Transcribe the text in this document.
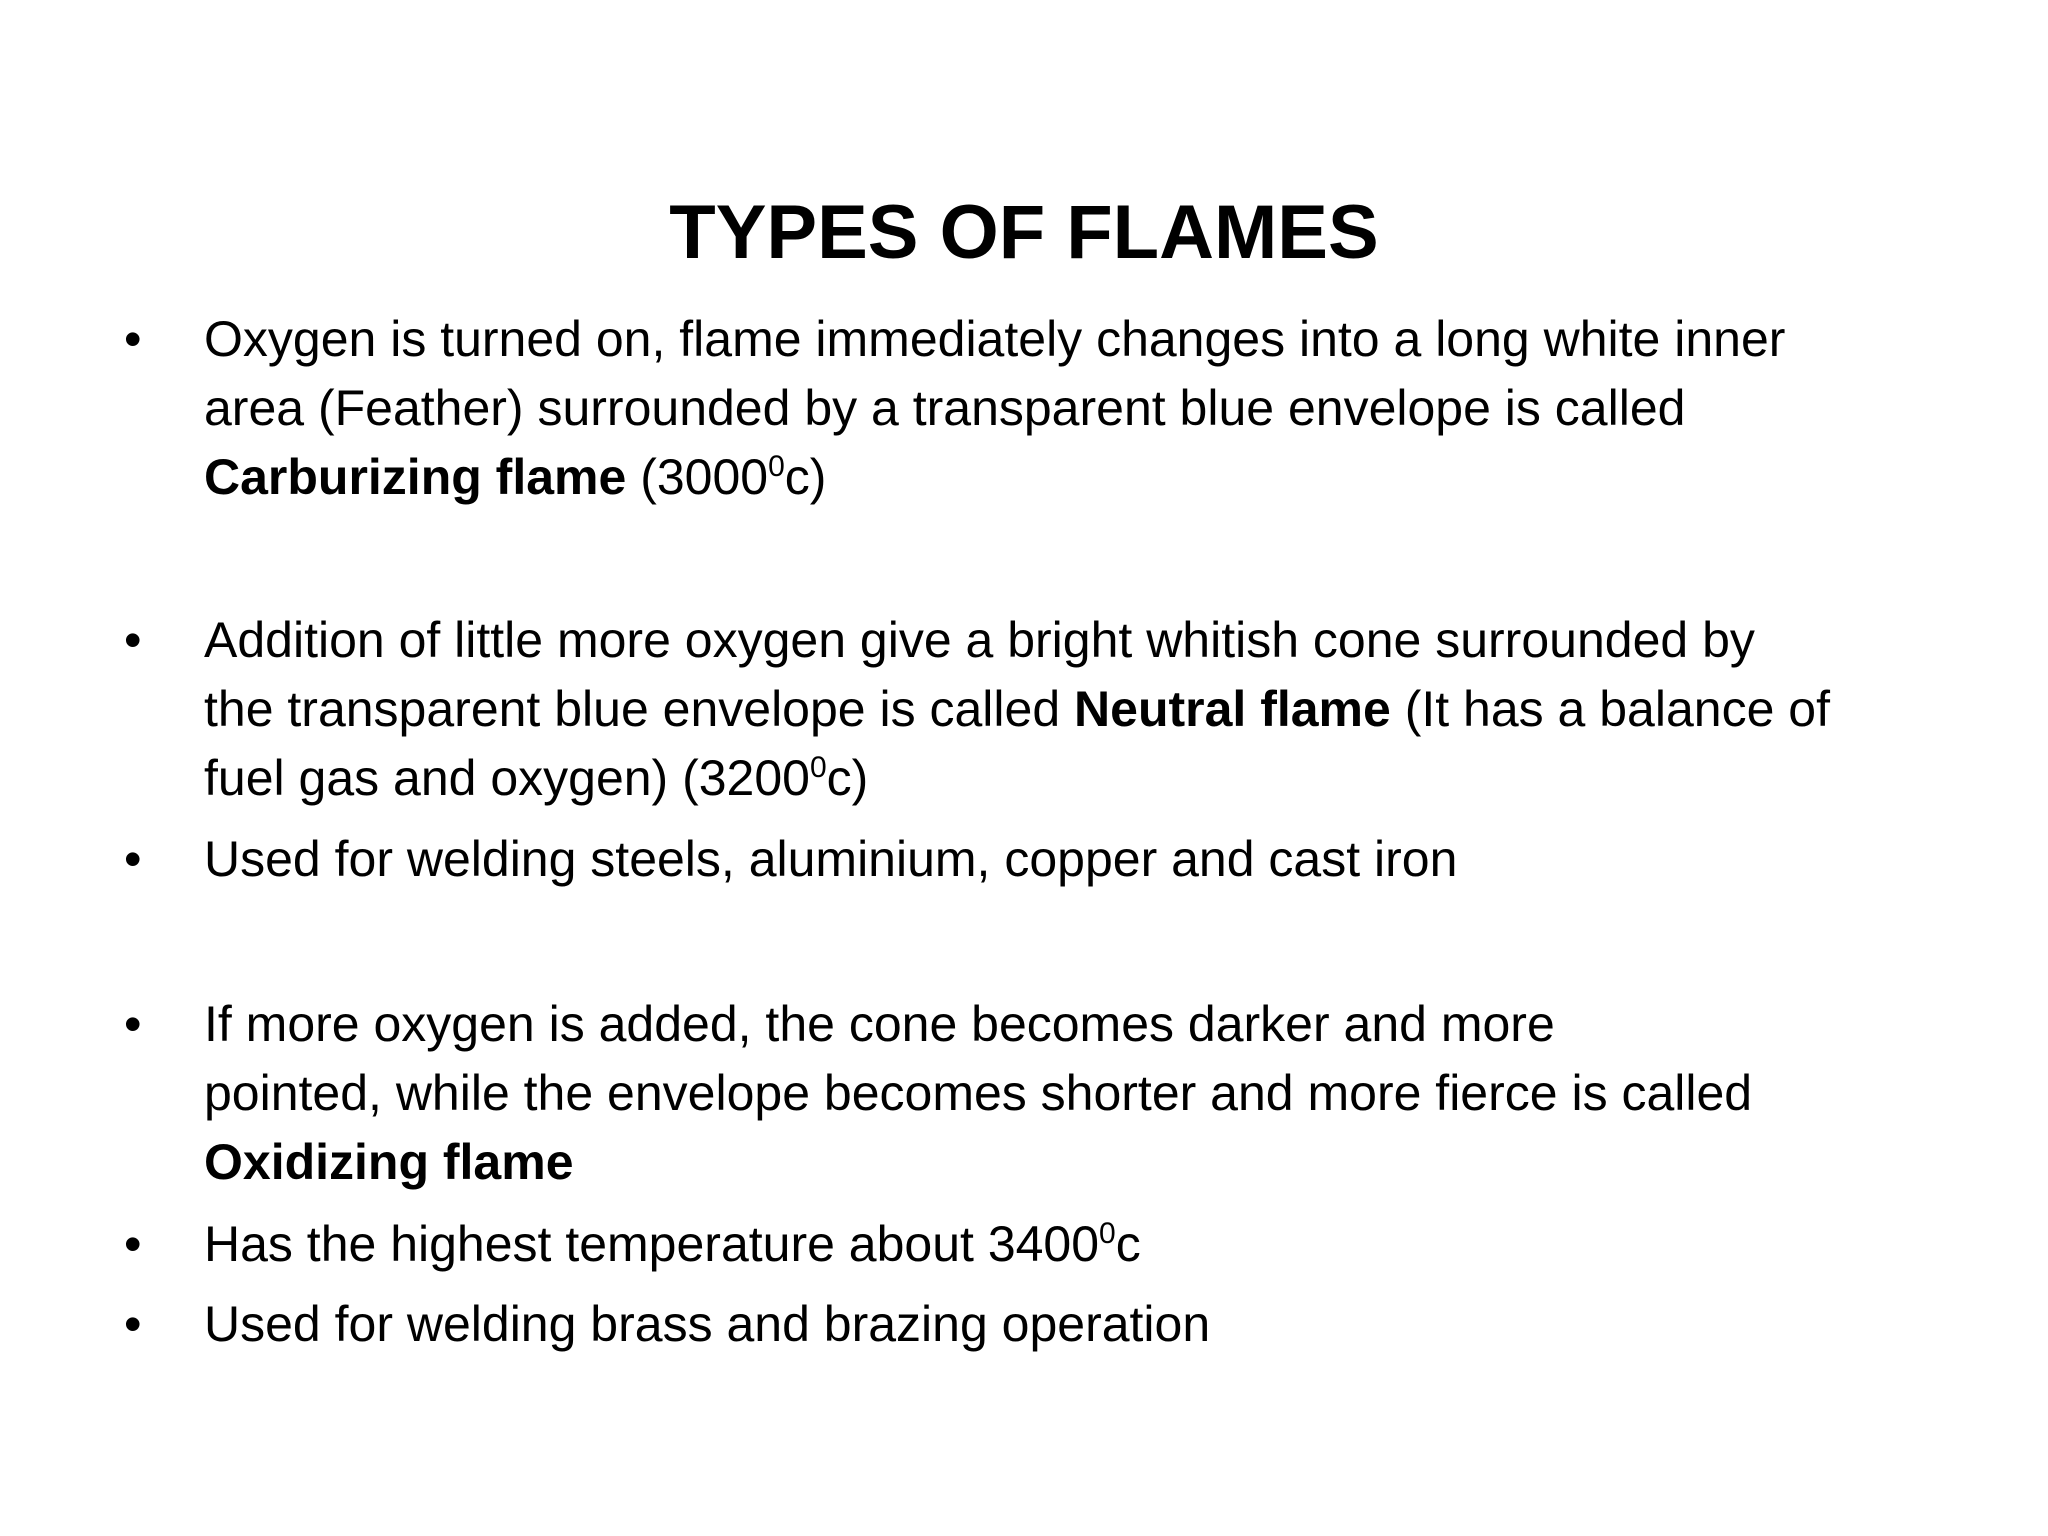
TYPES OF FLAMES
•	Oxygen is turned on, flame immediately changes into a long white inner
area (Feather) surrounded by a transparent blue envelope is called
Carburizing flame (3000$^0$c)
•	Addition of little more oxygen give a bright whitish cone surrounded by
the transparent blue envelope is called Neutral flame (It has a balance of
fuel gas and oxygen) (3200$^0$c)
•	Used for welding steels, aluminium, copper and cast iron
•	If more oxygen is added, the cone becomes darker and more
pointed, while the envelope becomes shorter and more fierce is called
Oxidizing flame
•	Has the highest temperature about 3400$^0$c
•	Used for welding brass and brazing operation
